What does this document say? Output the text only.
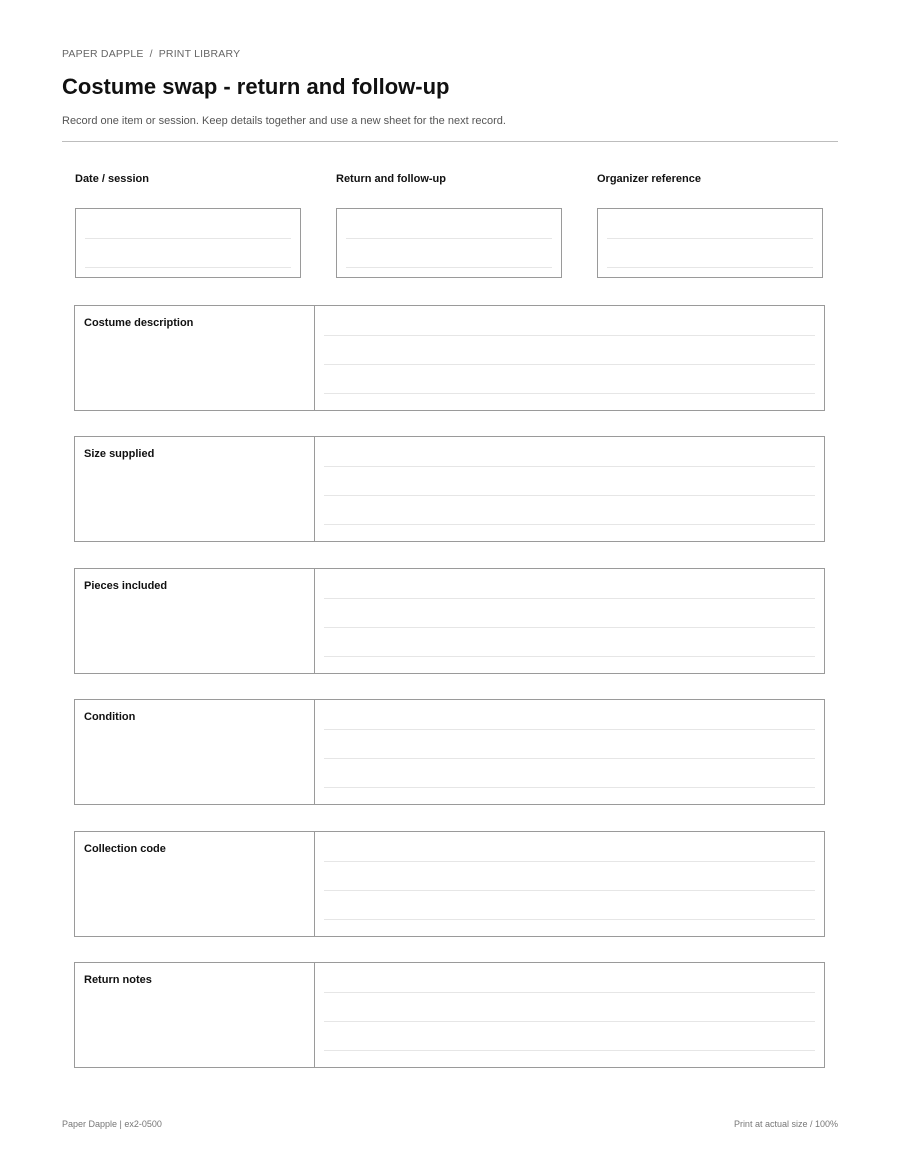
PAPER DAPPLE / PRINT LIBRARY
Costume swap - return and follow-up

Record one item or session. Keep details together and use a new sheet for the next record.

Date / session	Return and follow-up	Organizer reference
Costume description
Size supplied
Pieces included
Condition
Collection code
Return notes
Paper Dapple | ex2-0500	Print at actual size / 100%
